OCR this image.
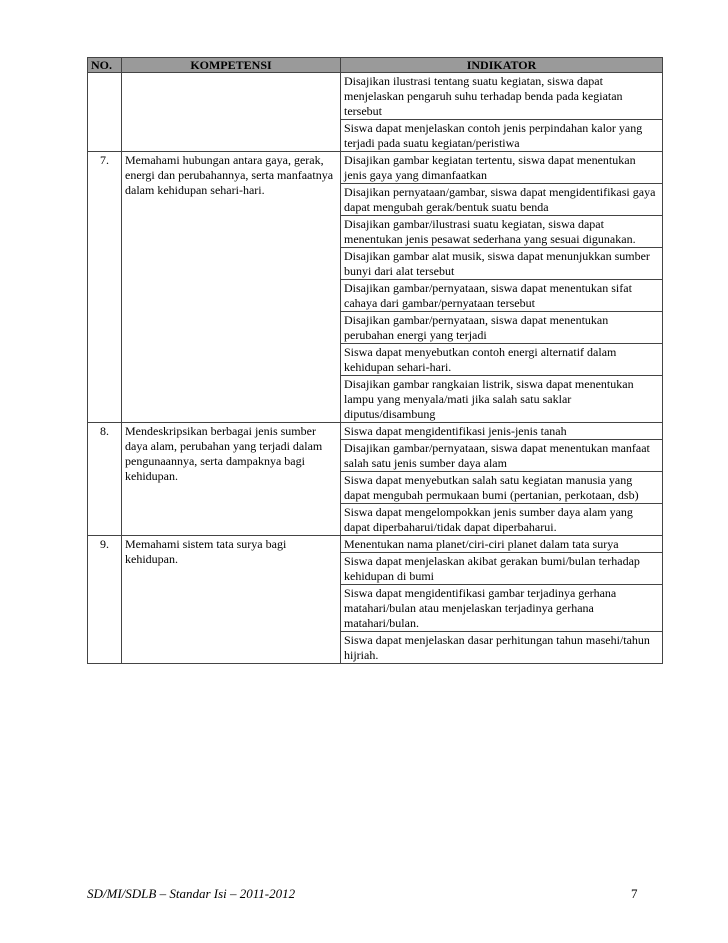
NO.	KOMPETENSI	INDIKATOR
		Disajikan ilustrasi tentang suatu kegiatan, siswa dapat menjelaskan pengaruh suhu terhadap benda pada kegiatan tersebut
		Siswa dapat menjelaskan contoh jenis perpindahan kalor yang terjadi pada suatu kegiatan/peristiwa
7.	Memahami hubungan antara gaya, gerak, energi dan perubahannya, serta manfaatnya dalam kehidupan sehari-hari.	Disajikan gambar kegiatan tertentu, siswa dapat menentukan jenis gaya yang dimanfaatkan
		Disajikan pernyataan/gambar, siswa dapat mengidentifikasi gaya dapat mengubah gerak/bentuk suatu benda
		Disajikan gambar/ilustrasi suatu kegiatan, siswa dapat menentukan jenis pesawat sederhana yang sesuai digunakan.
		Disajikan gambar alat musik, siswa dapat menunjukkan sumber bunyi dari alat tersebut
		Disajikan gambar/pernyataan, siswa dapat menentukan sifat cahaya dari gambar/pernyataan tersebut
		Disajikan gambar/pernyataan, siswa dapat menentukan perubahan energi yang terjadi
		Siswa dapat menyebutkan contoh energi alternatif dalam kehidupan sehari-hari.
		Disajikan gambar rangkaian listrik, siswa dapat menentukan lampu yang menyala/mati jika salah satu saklar diputus/disambung
8.	Mendeskripsikan berbagai jenis sumber daya alam, perubahan yang terjadi dalam pengunaannya, serta dampaknya bagi kehidupan.	Siswa dapat mengidentifikasi jenis-jenis tanah
		Disajikan gambar/pernyataan, siswa dapat menentukan manfaat salah satu jenis sumber daya alam
		Siswa dapat menyebutkan salah satu kegiatan manusia yang dapat mengubah permukaan bumi (pertanian, perkotaan, dsb)
		Siswa dapat mengelompokkan jenis sumber daya alam yang dapat diperbaharui/tidak dapat diperbaharui.
9.	Memahami sistem tata surya bagi kehidupan.	Menentukan nama planet/ciri-ciri planet dalam tata surya
		Siswa dapat menjelaskan akibat gerakan bumi/bulan terhadap kehidupan di bumi
		Siswa dapat mengidentifikasi gambar terjadinya gerhana matahari/bulan atau menjelaskan terjadinya gerhana matahari/bulan.
		Siswa dapat menjelaskan dasar perhitungan tahun masehi/tahun hijriah.
SD/MI/SDLB – Standar Isi – 2011-2012	7
